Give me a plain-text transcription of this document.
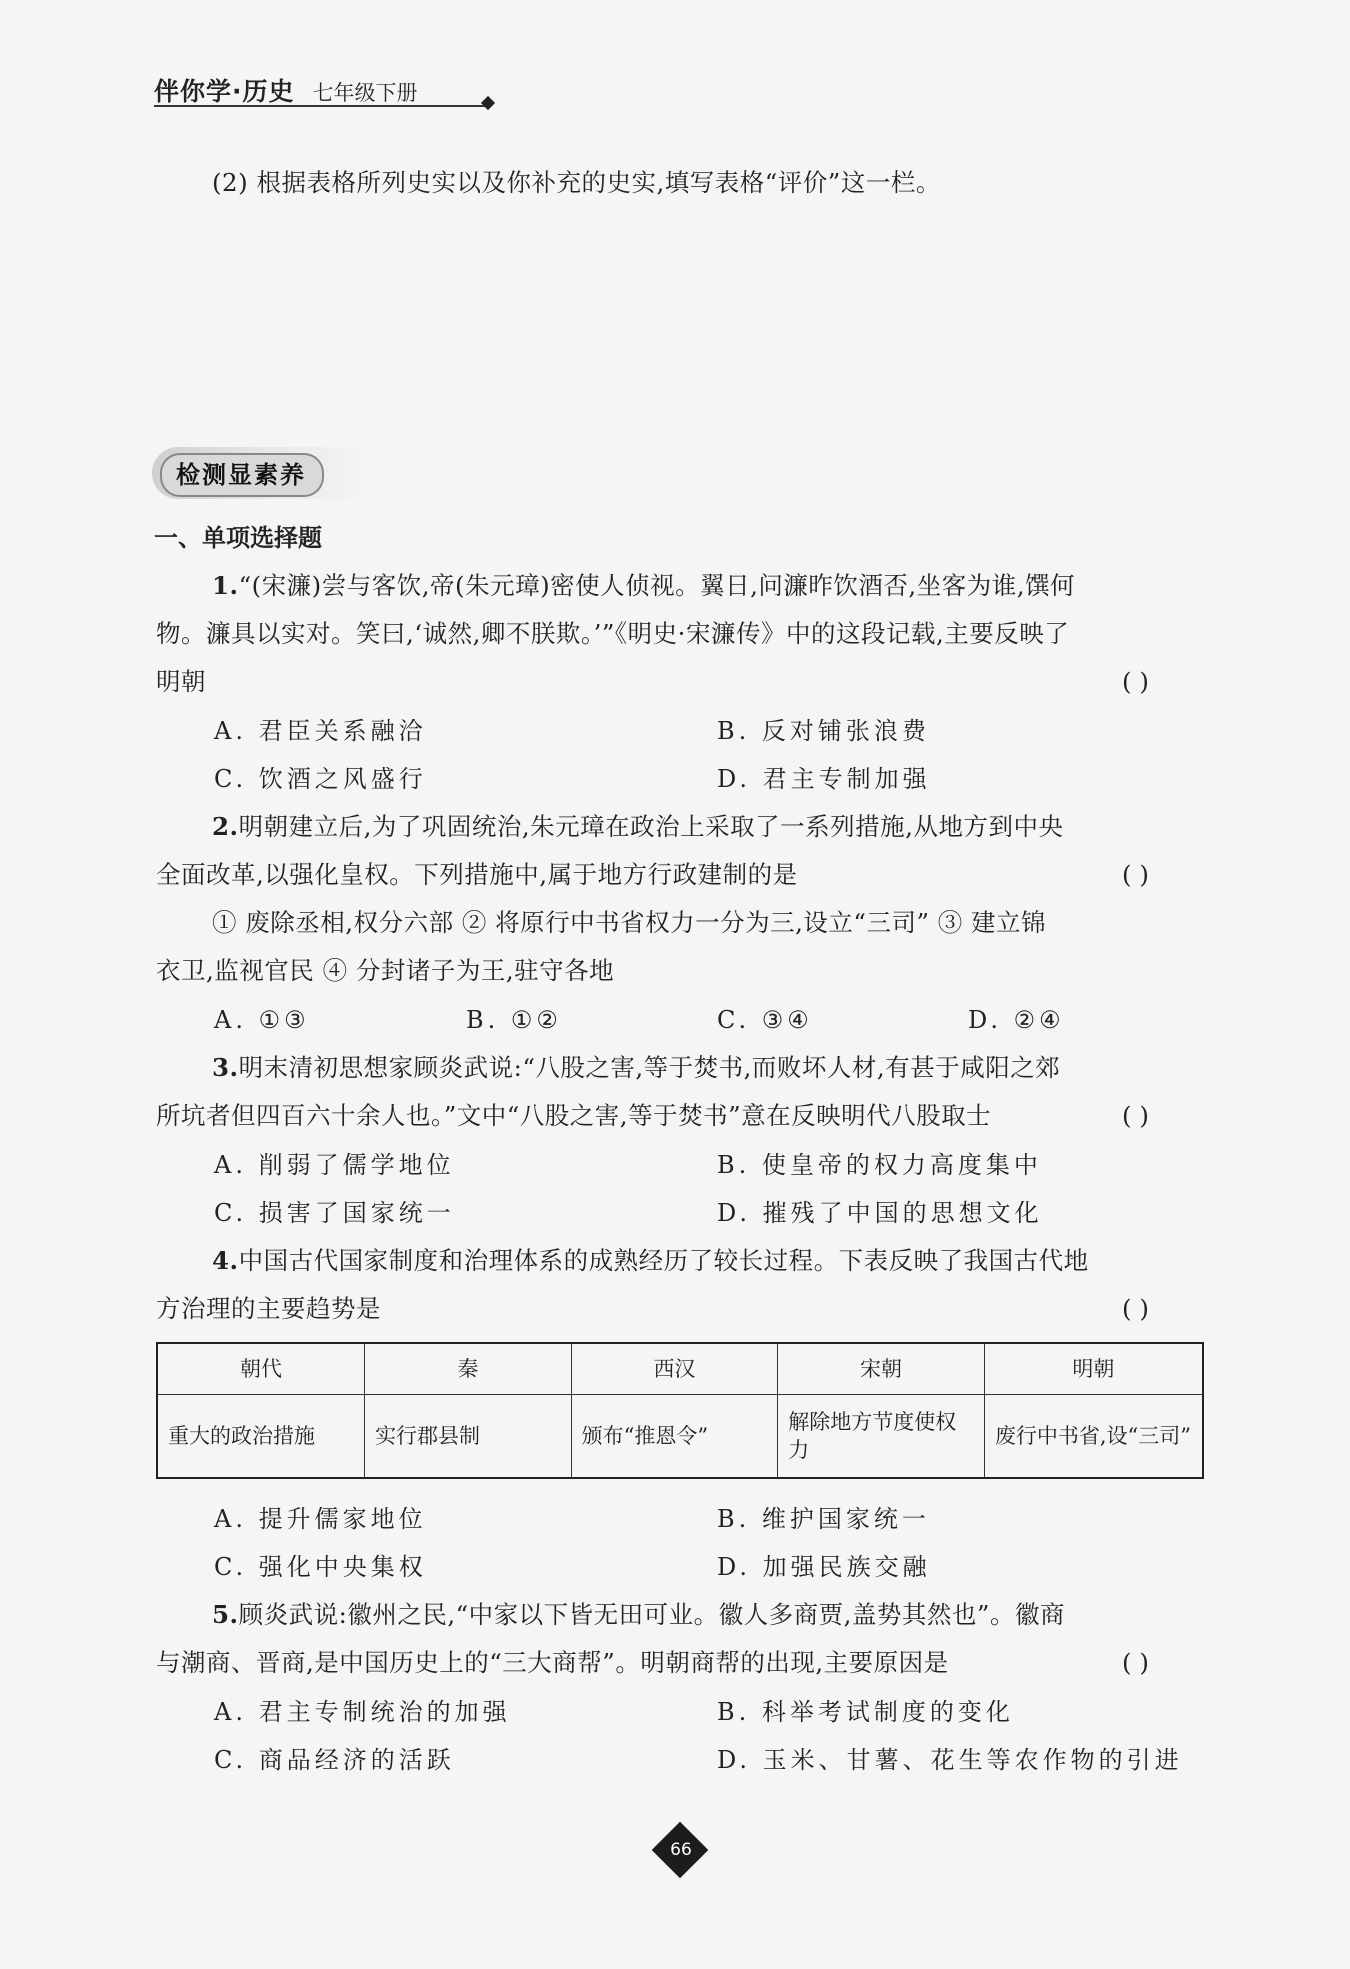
伴你学·历史 七年级下册
(2) 根据表格所列史实以及你补充的史实,填写表格“评价”这一栏。
检测显素养
一、单项选择题
1.“(宋濂)尝与客饮,帝(朱元璋)密使人侦视。翼日,问濂昨饮酒否,坐客为谁,馔何
物。濂具以实对。笑曰,‘诚然,卿不朕欺。’”《明史·宋濂传》中的这段记载,主要反映了
明朝	( )
A. 君臣关系融洽	B. 反对铺张浪费
C. 饮酒之风盛行	D. 君主专制加强
2.明朝建立后,为了巩固统治,朱元璋在政治上采取了一系列措施,从地方到中央
全面改革,以强化皇权。下列措施中,属于地方行政建制的是	( )
① 废除丞相,权分六部 ② 将原行中书省权力一分为三,设立“三司” ③ 建立锦
衣卫,监视官民 ④ 分封诸子为王,驻守各地
A. ①③	B. ①②	C. ③④	D. ②④
3.明末清初思想家顾炎武说:“八股之害,等于焚书,而败坏人材,有甚于咸阳之郊
所坑者但四百六十余人也。”文中“八股之害,等于焚书”意在反映明代八股取士	( )
A. 削弱了儒学地位	B. 使皇帝的权力高度集中
C. 损害了国家统一	D. 摧残了中国的思想文化
4.中国古代国家制度和治理体系的成熟经历了较长过程。下表反映了我国古代地
方治理的主要趋势是	( )
朝代	秦	西汉	宋朝	明朝
重大的政治措施	实行郡县制	颁布“推恩令”	解除地方节度使权力	废行中书省,设“三司”
A. 提升儒家地位	B. 维护国家统一
C. 强化中央集权	D. 加强民族交融
5.顾炎武说:徽州之民,“中家以下皆无田可业。徽人多商贾,盖势其然也”。徽商
与潮商、晋商,是中国历史上的“三大商帮”。明朝商帮的出现,主要原因是	( )
A. 君主专制统治的加强	B. 科举考试制度的变化
C. 商品经济的活跃	D. 玉米、甘薯、花生等农作物的引进
66
